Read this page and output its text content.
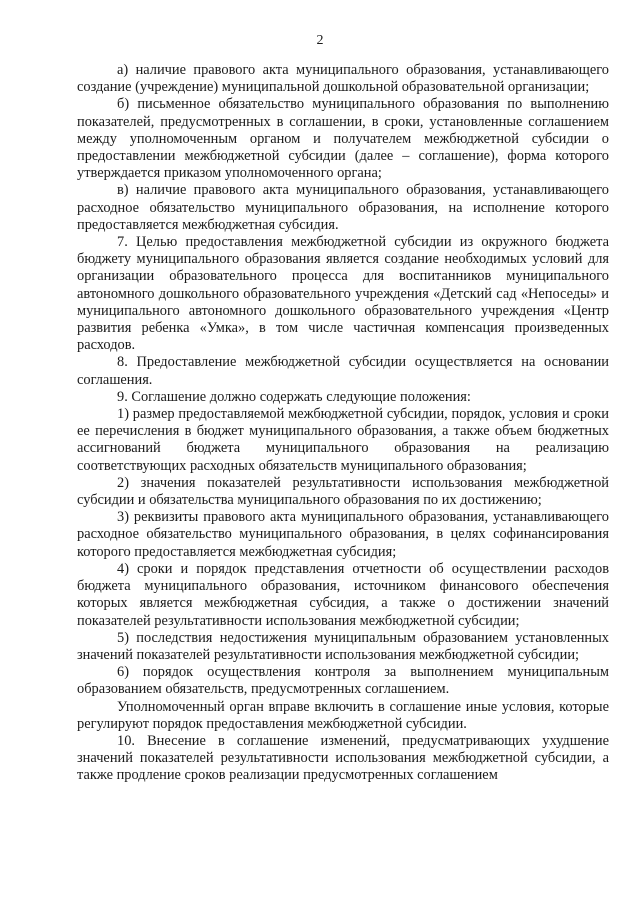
2

а) наличие правового акта муниципального образования, устанавливающего создание (учреждение) муниципальной дошкольной образовательной организации;

б) письменное обязательство муниципального образования по выполнению показателей, предусмотренных в соглашении, в сроки, установленные соглашением между уполномоченным органом и получателем межбюджетной субсидии о предоставлении межбюджетной субсидии (далее – соглашение), форма которого утверждается приказом уполномоченного органа;

в) наличие правового акта муниципального образования, устанавливающего расходное обязательство муниципального образования, на исполнение которого предоставляется межбюджетная субсидия.

7. Целью предоставления межбюджетной субсидии из окружного бюджета бюджету муниципального образования является создание необходимых условий для организации образовательного процесса для воспитанников муниципального автономного дошкольного образовательного учреждения «Детский сад «Непоседы» и муниципального автономного дошкольного образовательного учреждения «Центр развития ребенка «Умка», в том числе частичная компенсация произведенных расходов.

8. Предоставление межбюджетной субсидии осуществляется на основании соглашения.

9. Соглашение должно содержать следующие положения:

1) размер предоставляемой межбюджетной субсидии, порядок, условия и сроки ее перечисления в бюджет муниципального образования, а также объем бюджетных ассигнований бюджета муниципального образования на реализацию соответствующих расходных обязательств муниципального образования;

2) значения показателей результативности использования межбюджетной субсидии и обязательства муниципального образования по их достижению;

3) реквизиты правового акта муниципального образования, устанавливающего расходное обязательство муниципального образования, в целях софинансирования которого предоставляется межбюджетная субсидия;

4) сроки и порядок представления отчетности об осуществлении расходов бюджета муниципального образования, источником финансового обеспечения которых является межбюджетная субсидия, а также о достижении значений показателей результативности использования межбюджетной субсидии;

5) последствия недостижения муниципальным образованием установленных значений показателей результативности использования межбюджетной субсидии;

6) порядок осуществления контроля за выполнением муниципальным образованием обязательств, предусмотренных соглашением.

Уполномоченный орган вправе включить в соглашение иные условия, которые регулируют порядок предоставления межбюджетной субсидии.

10. Внесение в соглашение изменений, предусматривающих ухудшение значений показателей результативности использования межбюджетной субсидии, а также продление сроков реализации предусмотренных соглашением
